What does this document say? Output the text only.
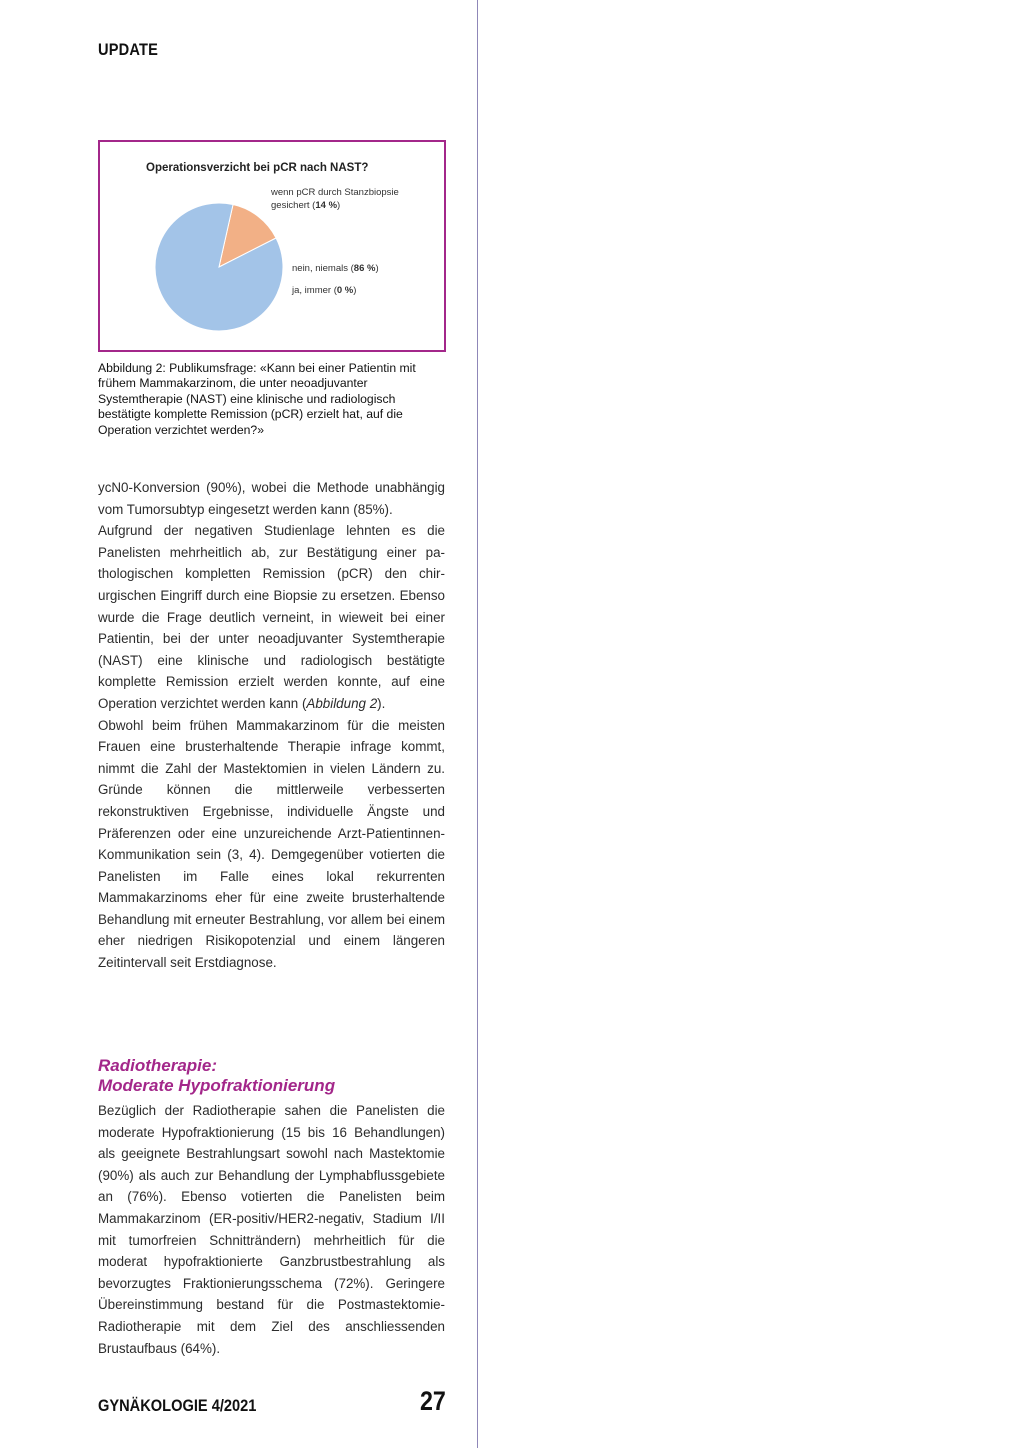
UPDATE
Operationsverzicht bei pCR nach NAST?
wenn pCR durch Stanzbiopsie
gesichert (14 %)
nein, niemals (86 %)
ja, immer (0 %)
Abbildung 2: Publikumsfrage: «Kann bei einer Patientin mit frühem Mammakarzinom, die unter neoadjuvanter Systemtherapie (NAST) eine klinische und radiologisch bestätigte komplette Remission (pCR) erzielt hat, auf die Operation verzichtet werden?»

ycN0-Konversion (90%), wobei die Methode unabhängig vom Tumorsubtyp eingesetzt werden kann (85%).

Aufgrund der negativen Studienlage lehnten es die Panelisten mehrheitlich ab, zur Bestätigung einer pathologischen kompletten Remission (pCR) den chirurgischen Eingriff durch eine Biopsie zu ersetzen. Ebenso wurde die Frage deutlich verneint, in wieweit bei einer Patientin, bei der unter neoadjuvanter Systemtherapie (NAST) eine klinische und radiologisch bestätigte komplette Remission erzielt werden konnte, auf eine Operation verzichtet werden kann (Abbildung 2).

Obwohl beim frühen Mammakarzinom für die meisten Frauen eine brusterhaltende Therapie infrage kommt, nimmt die Zahl der Mastektomien in vielen Ländern zu. Gründe können die mittlerweile verbesserten rekonstruktiven Ergebnisse, individuelle Ängste und Präferenzen oder eine unzureichende Arzt-Patientinnen-Kommunikation sein (3, 4). Demgegenüber votierten die Panelisten im Falle eines lokal rekurrenten Mammakarzinoms eher für eine zweite brusterhaltende Behandlung mit erneuter Bestrahlung, vor allem bei einem eher niedrigen Risikopotenzial und einem längeren Zeitintervall seit Erstdiagnose.

Radiotherapie:
Moderate Hypofraktionierung

Bezüglich der Radiotherapie sahen die Panelisten die moderate Hypofraktionierung (15 bis 16 Behandlungen) als geeignete Bestrahlungsart sowohl nach Mastektomie (90%) als auch zur Behandlung der Lymphabflussgebiete an (76%). Ebenso votierten die Panelisten beim Mammakarzinom (ER-positiv/HER2-negativ, Stadium I/II mit tumorfreien Schnitträndern) mehrheitlich für die moderat hypofraktionierte Ganzbrustbestrahlung als bevorzugtes Fraktionierungsschema (72%). Geringere Übereinstimmung bestand für die Postmastektomie-Radiotherapie mit dem Ziel des anschliessenden Brustaufbaus (64%).

GYNÄKOLOGIE 4/2021	27
